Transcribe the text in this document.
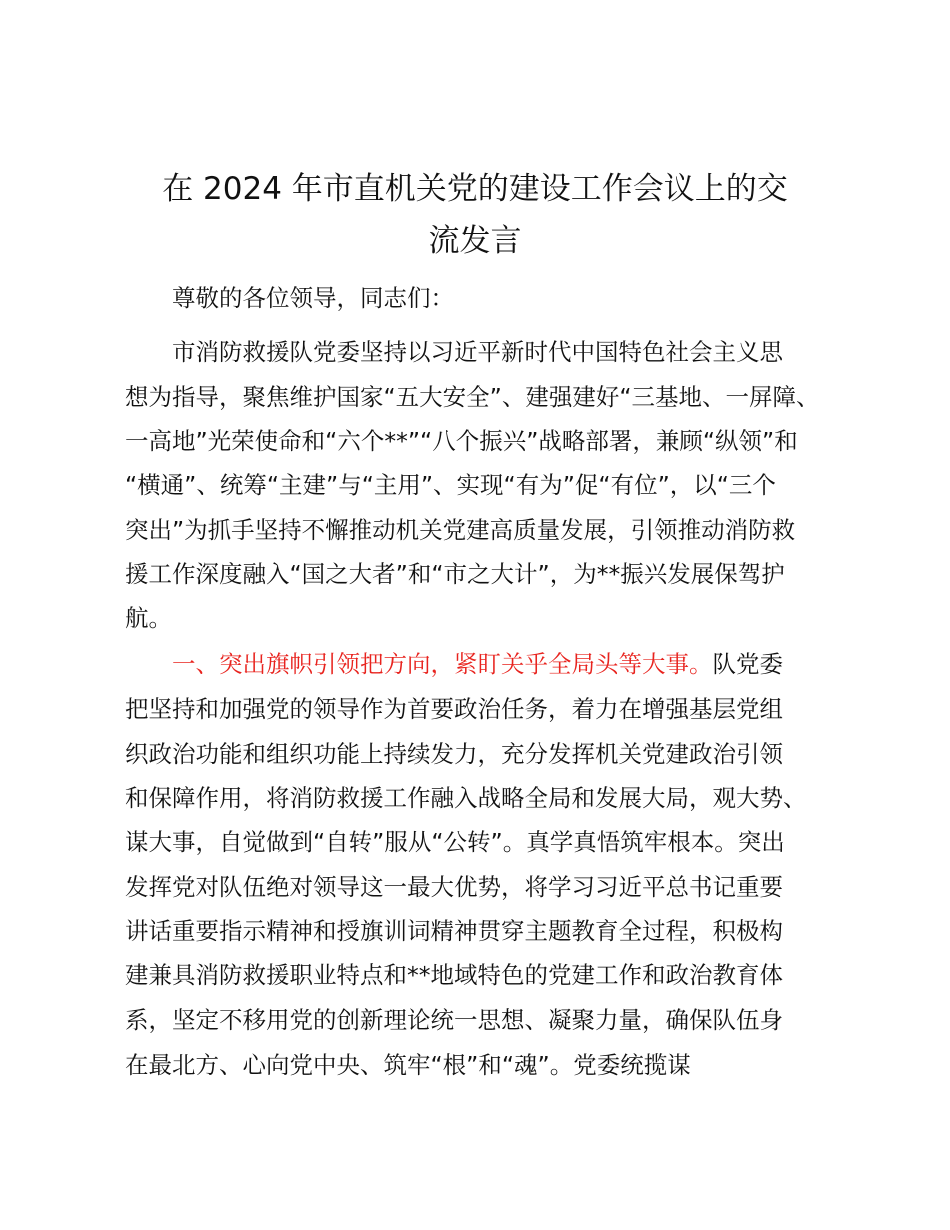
在 2024 年市直机关党的建设工作会议上的交
流发言

尊敬的各位领导，同志们：

市消防救援队党委坚持以习近平新时代中国特色社会主义思

想为指导，聚焦维护国家“五大安全”、建强建好“三基地、一屏障、

一高地”光荣使命和“六个**”“八个振兴”战略部署，兼顾“纵领”和

“横通”、统筹“主建”与“主用”、实现“有为”促“有位”，以“三个

突出”为抓手坚持不懈推动机关党建高质量发展，引领推动消防救

援工作深度融入“国之大者”和“市之大计”，为**振兴发展保驾护

航。

一、突出旗帜引领把方向，紧盯关乎全局头等大事。队党委

把坚持和加强党的领导作为首要政治任务，着力在增强基层党组

织政治功能和组织功能上持续发力，充分发挥机关党建政治引领

和保障作用，将消防救援工作融入战略全局和发展大局，观大势、

谋大事，自觉做到“自转”服从“公转”。真学真悟筑牢根本。突出

发挥党对队伍绝对领导这一最大优势，将学习习近平总书记重要

讲话重要指示精神和授旗训词精神贯穿主题教育全过程，积极构

建兼具消防救援职业特点和**地域特色的党建工作和政治教育体

系，坚定不移用党的创新理论统一思想、凝聚力量，确保队伍身

在最北方、心向党中央、筑牢“根”和“魂”。党委统揽谋
